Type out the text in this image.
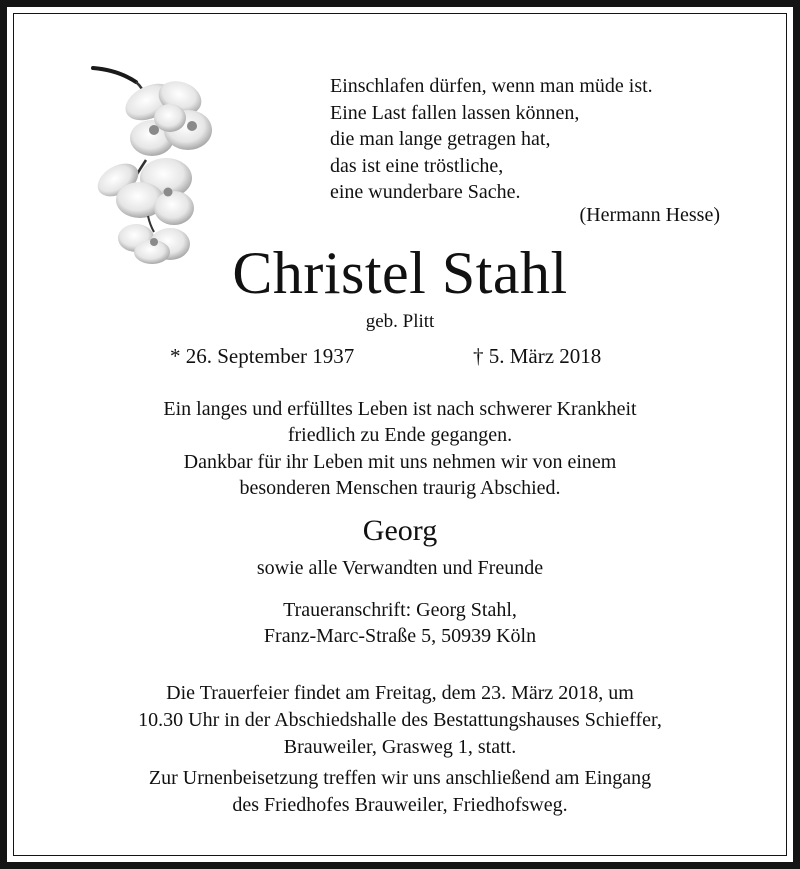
Einschlafen dürfen, wenn man müde ist.
Eine Last fallen lassen können,
die man lange getragen hat,
das ist eine tröstliche,
eine wunderbare Sache.
(Hermann Hesse)
Christel Stahl
geb. Plitt
* 26. September 1937	† 5. März 2018
Ein langes und erfülltes Leben ist nach schwerer Krankheit
friedlich zu Ende gegangen.
Dankbar für ihr Leben mit uns nehmen wir von einem
besonderen Menschen traurig Abschied.
Georg
sowie alle Verwandten und Freunde
Traueranschrift: Georg Stahl,
Franz-Marc-Straße 5, 50939 Köln
Die Trauerfeier findet am Freitag, dem 23. März 2018, um
10.30 Uhr in der Abschiedshalle des Bestattungshauses Schieffer,
Brauweiler, Grasweg 1, statt.
Zur Urnenbeisetzung treffen wir uns anschließend am Eingang
des Friedhofes Brauweiler, Friedhofsweg.
